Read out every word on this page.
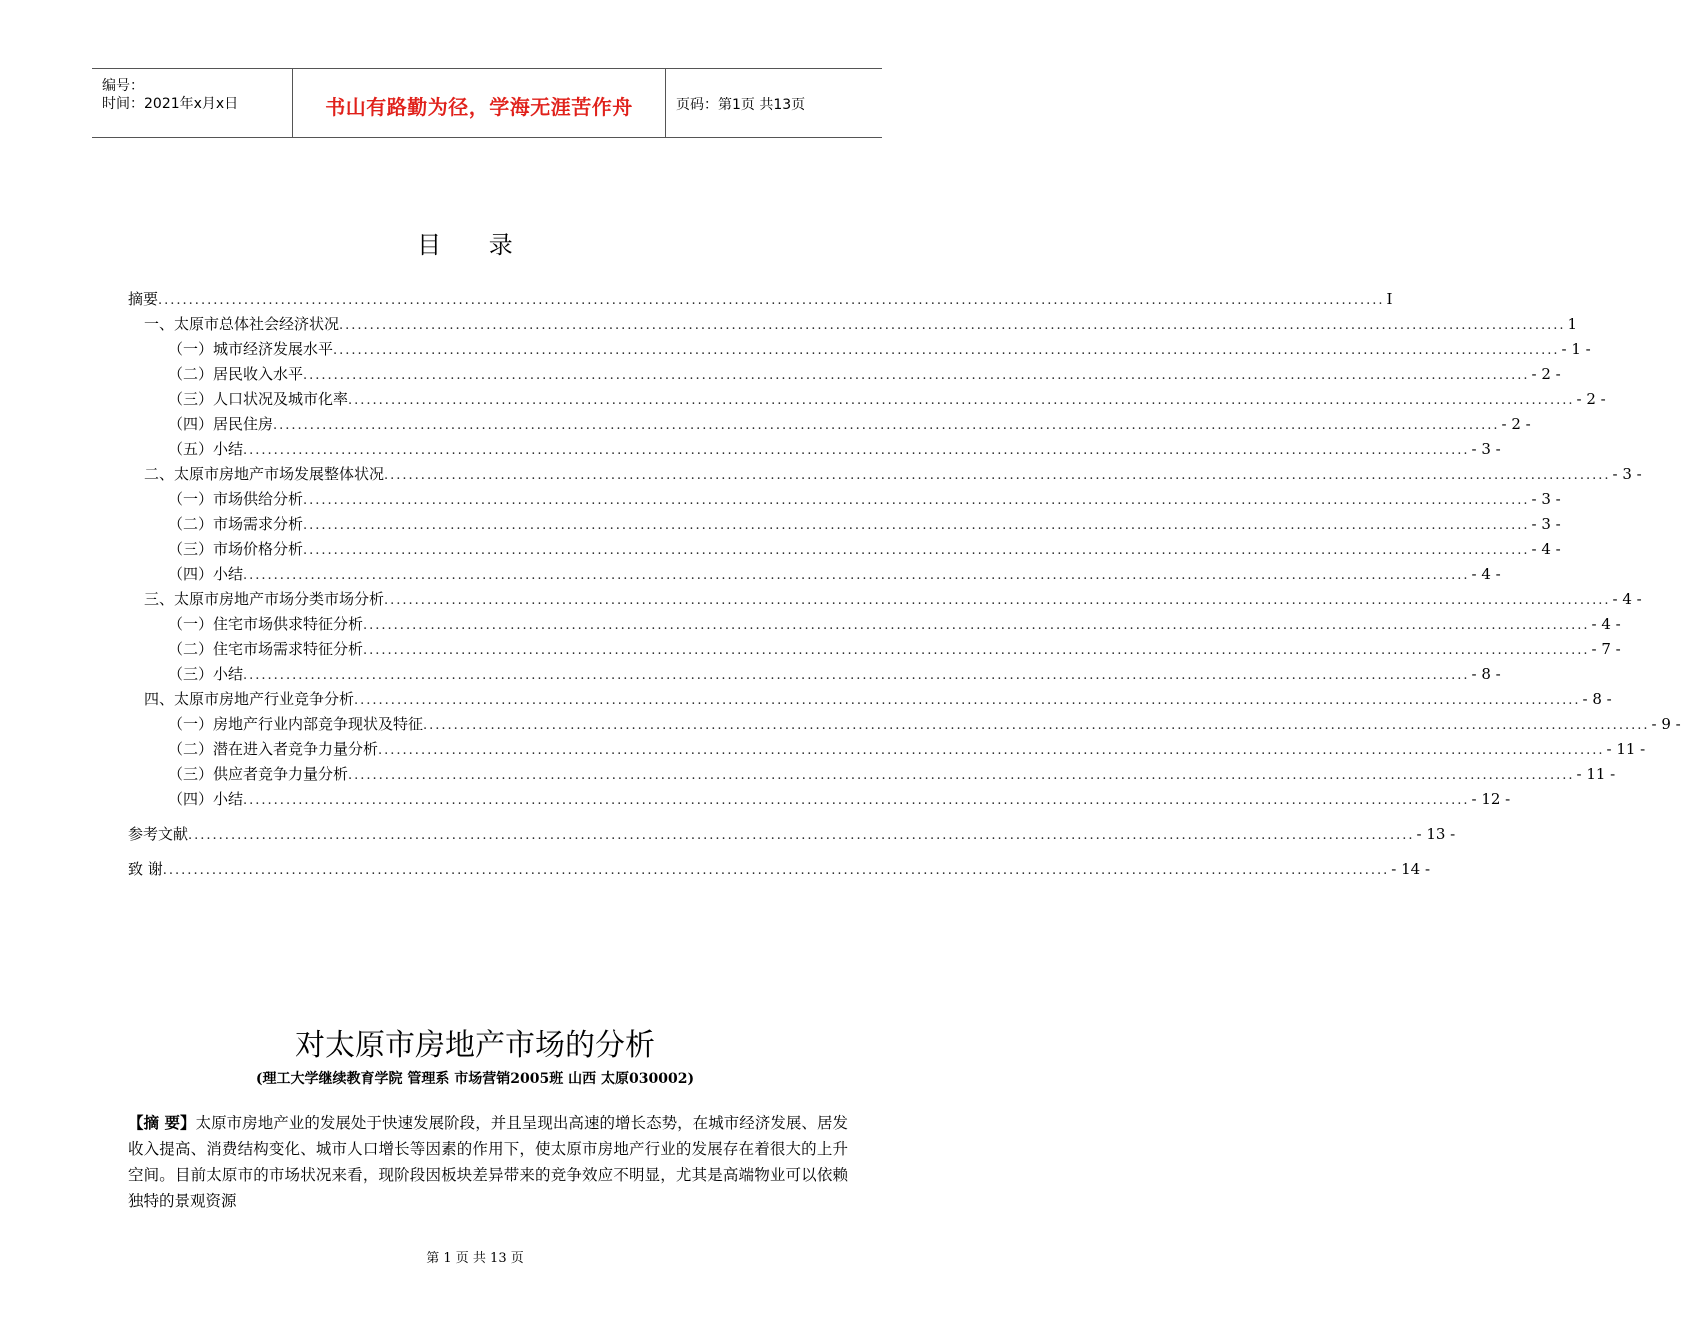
编号：
时间：2021年x月x日	书山有路勤为径，学海无涯苦作舟	页码：第1页 共13页
目 录
摘要 ........................................................................................................................................................................................................ I
一、太原市总体社会经济状况 ........................................................................................................................................................................................................ 1
（一）城市经济发展水平 ........................................................................................................................................................................................................ - 1 -
（二）居民收入水平 ........................................................................................................................................................................................................ - 2 -
（三）人口状况及城市化率 ........................................................................................................................................................................................................ - 2 -
（四）居民住房 ........................................................................................................................................................................................................ - 2 -
（五）小结 ........................................................................................................................................................................................................ - 3 -
二、太原市房地产市场发展整体状况 ........................................................................................................................................................................................................ - 3 -
（一）市场供给分析 ........................................................................................................................................................................................................ - 3 -
（二）市场需求分析 ........................................................................................................................................................................................................ - 3 -
（三）市场价格分析 ........................................................................................................................................................................................................ - 4 -
（四）小结 ........................................................................................................................................................................................................ - 4 -
三、太原市房地产市场分类市场分析 ........................................................................................................................................................................................................ - 4 -
（一）住宅市场供求特征分析 ........................................................................................................................................................................................................ - 4 -
（二）住宅市场需求特征分析 ........................................................................................................................................................................................................ - 7 -
（三）小结 ........................................................................................................................................................................................................ - 8 -
四、太原市房地产行业竞争分析 ........................................................................................................................................................................................................ - 8 -
（一）房地产行业内部竞争现状及特征 ........................................................................................................................................................................................................ - 9 -
（二）潜在进入者竞争力量分析 ........................................................................................................................................................................................................ - 11 -
（三）供应者竞争力量分析 ........................................................................................................................................................................................................ - 11 -
（四）小结 ........................................................................................................................................................................................................ - 12 -
参考文献 ........................................................................................................................................................................................................ - 13 -
致 谢 ........................................................................................................................................................................................................ - 14 -
对太原市房地产市场的分析
(理工大学继续教育学院 管理系 市场营销2005班 山西 太原030002)
【摘 要】太原市房地产业的发展处于快速发展阶段，并且呈现出高速的增长态势，在城市经济发展、居发收入提高、消费结构变化、城市人口增长等因素的作用下，使太原市房地产行业的发展存在着很大的上升空间。目前太原市的市场状况来看，现阶段因板块差异带来的竞争效应不明显，尤其是高端物业可以依赖独特的景观资源
第 1 页 共 13 页
